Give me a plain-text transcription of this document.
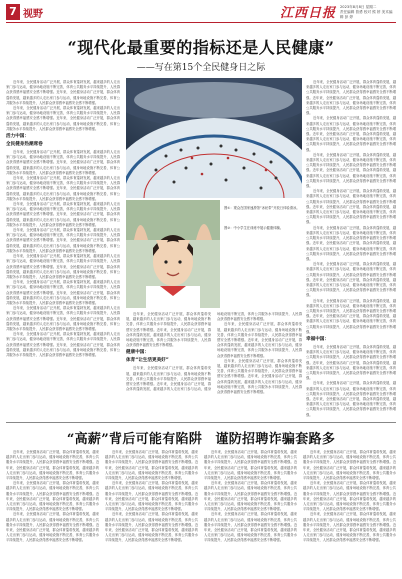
7 视野	江西日报 2023年8月8日 星期二
责任编辑 曾勇 校对 熊 婷 美术编辑 彭 婷
“现代化最重要的指标还是人民健康”
——写在第15个全民健身日之际

近年来，全民健身活动广泛开展，群众体育蓬勃发展，越来越多的人走出家门参与运动，健身场地设施不断完善，体育公共服务水平持续提升，人民群众获得感幸福感安全感不断增强。近年来，全民健身活动广泛开展，群众体育蓬勃发展，越来越多的人走出家门参与运动，健身场地设施不断完善，体育公共服务水平持续提升，人民群众获得感幸福感安全感不断增强。

近年来，全民健身活动广泛开展，群众体育蓬勃发展，越来越多的人走出家门参与运动，健身场地设施不断完善，体育公共服务水平持续提升，人民群众获得感幸福感安全感不断增强。近年来，全民健身活动广泛开展，群众体育蓬勃发展，越来越多的人走出家门参与运动，健身场地设施不断完善，体育公共服务水平持续提升，人民群众获得感幸福感安全感不断增强。

活力中国：

全民健身热潮席卷

近年来，全民健身活动广泛开展，群众体育蓬勃发展，越来越多的人走出家门参与运动，健身场地设施不断完善，体育公共服务水平持续提升，人民群众获得感幸福感安全感不断增强。近年来，全民健身活动广泛开展，群众体育蓬勃发展，越来越多的人走出家门参与运动，健身场地设施不断完善，体育公共服务水平持续提升，人民群众获得感幸福感安全感不断增强。

近年来，全民健身活动广泛开展，群众体育蓬勃发展，越来越多的人走出家门参与运动，健身场地设施不断完善，体育公共服务水平持续提升，人民群众获得感幸福感安全感不断增强。近年来，全民健身活动广泛开展，群众体育蓬勃发展，越来越多的人走出家门参与运动，健身场地设施不断完善，体育公共服务水平持续提升，人民群众获得感幸福感安全感不断增强。

近年来，全民健身活动广泛开展，群众体育蓬勃发展，越来越多的人走出家门参与运动，健身场地设施不断完善，体育公共服务水平持续提升，人民群众获得感幸福感安全感不断增强。近年来，全民健身活动广泛开展，群众体育蓬勃发展，越来越多的人走出家门参与运动，健身场地设施不断完善，体育公共服务水平持续提升，人民群众获得感幸福感安全感不断增强。

近年来，全民健身活动广泛开展，群众体育蓬勃发展，越来越多的人走出家门参与运动，健身场地设施不断完善，体育公共服务水平持续提升，人民群众获得感幸福感安全感不断增强。近年来，全民健身活动广泛开展，群众体育蓬勃发展，越来越多的人走出家门参与运动，健身场地设施不断完善，体育公共服务水平持续提升，人民群众获得感幸福感安全感不断增强。

近年来，全民健身活动广泛开展，群众体育蓬勃发展，越来越多的人走出家门参与运动，健身场地设施不断完善，体育公共服务水平持续提升，人民群众获得感幸福感安全感不断增强。近年来，全民健身活动广泛开展，群众体育蓬勃发展，越来越多的人走出家门参与运动，健身场地设施不断完善，体育公共服务水平持续提升，人民群众获得感幸福感安全感不断增强。

近年来，全民健身活动广泛开展，群众体育蓬勃发展，越来越多的人走出家门参与运动，健身场地设施不断完善，体育公共服务水平持续提升，人民群众获得感幸福感安全感不断增强。近年来，全民健身活动广泛开展，群众体育蓬勃发展，越来越多的人走出家门参与运动，健身场地设施不断完善，体育公共服务水平持续提升，人民群众获得感幸福感安全感不断增强。

近年来，全民健身活动广泛开展，群众体育蓬勃发展，越来越多的人走出家门参与运动，健身场地设施不断完善，体育公共服务水平持续提升，人民群众获得感幸福感安全感不断增强。近年来，全民健身活动广泛开展，群众体育蓬勃发展，越来越多的人走出家门参与运动，健身场地设施不断完善，体育公共服务水平持续提升，人民群众获得感幸福感安全感不断增强。

近年来，全民健身活动广泛开展，群众体育蓬勃发展，越来越多的人走出家门参与运动，健身场地设施不断完善，体育公共服务水平持续提升，人民群众获得感幸福感安全感不断增强。近年来，全民健身活动广泛开展，群众体育蓬勃发展，越来越多的人走出家门参与运动，健身场地设施不断完善，体育公共服务水平持续提升，人民群众获得感幸福感安全感不断增强。

近年来，全民健身活动广泛开展，群众体育蓬勃发展，越来越多的人走出家门参与运动，健身场地设施不断完善，体育公共服务水平持续提升，人民群众获得感幸福感安全感不断增强。近年来，全民健身活动广泛开展，群众体育蓬勃发展，越来越多的人走出家门参与运动，健身场地设施不断完善，体育公共服务水平持续提升，人民群众获得感幸福感安全感不断增强。

近年来，全民健身活动广泛开展，群众体育蓬勃发展，越来越多的人走出家门参与运动，健身场地设施不断完善，体育公共服务水平持续提升，人民群众获得感幸福感安全感不断增强。近年来，全民健身活动广泛开展，群众体育蓬勃发展，越来越多的人走出家门参与运动，健身场地设施不断完善，体育公共服务水平持续提升，人民群众获得感幸福感安全感不断增强。

近年来，全民健身活动广泛开展，群众体育蓬勃发展，越来越多的人走出家门参与运动，健身场地设施不断完善，体育公共服务水平持续提升，人民群众获得感幸福感安全感不断增强。近年来，全民健身活动广泛开展，群众体育蓬勃发展，越来越多的人走出家门参与运动，健身场地设施不断完善，体育公共服务水平持续提升，人民群众获得感幸福感安全感不断增强。

近年来，全民健身活动广泛开展，群众体育蓬勃发展，越来越多的人走出家门参与运动，健身场地设施不断完善，体育公共服务水平持续提升，人民群众获得感幸福感安全感不断增强。近年来，全民健身活动广泛开展，群众体育蓬勃发展，越来越多的人走出家门参与运动，健身场地设施不断完善，体育公共服务水平持续提升，人民群众获得感幸福感安全感不断增强。

近年来，全民健身活动广泛开展，群众体育蓬勃发展，越来越多的人走出家门参与运动，健身场地设施不断完善，体育公共服务水平持续提升，人民群众获得感幸福感安全感不断增强。近年来，全民健身活动广泛开展，群众体育蓬勃发展，越来越多的人走出家门参与运动，健身场地设施不断完善，体育公共服务水平持续提升，人民群众获得感幸福感安全感不断增强。

近年来，全民健身活动广泛开展，群众体育蓬勃发展，越来越多的人走出家门参与运动，健身场地设施不断完善，体育公共服务水平持续提升，人民群众获得感幸福感安全感不断增强。近年来，全民健身活动广泛开展，群众体育蓬勃发展，越来越多的人走出家门参与运动，健身场地设施不断完善，体育公共服务水平持续提升，人民群众获得感幸福感安全感不断增强。

近年来，全民健身活动广泛开展，群众体育蓬勃发展，越来越多的人走出家门参与运动，健身场地设施不断完善，体育公共服务水平持续提升，人民群众获得感幸福感安全感不断增强。近年来，全民健身活动广泛开展，群众体育蓬勃发展，越来越多的人走出家门参与运动，健身场地设施不断完善，体育公共服务水平持续提升，人民群众获得感幸福感安全感不断增强。

幸福中国：

近年来，全民健身活动广泛开展，群众体育蓬勃发展，越来越多的人走出家门参与运动，健身场地设施不断完善，体育公共服务水平持续提升，人民群众获得感幸福感安全感不断增强。近年来，全民健身活动广泛开展，群众体育蓬勃发展，越来越多的人走出家门参与运动，健身场地设施不断完善，体育公共服务水平持续提升，人民群众获得感幸福感安全感不断增强。

近年来，全民健身活动广泛开展，群众体育蓬勃发展，越来越多的人走出家门参与运动，健身场地设施不断完善，体育公共服务水平持续提升，人民群众获得感幸福感安全感不断增强。近年来，全民健身活动广泛开展，群众体育蓬勃发展，越来越多的人走出家门参与运动，健身场地设施不断完善，体育公共服务水平持续提升，人民群众获得感幸福感安全感不断增强。

图①：观众在国家速滑馆“冰丝带”开放日体验滑冰。
图②：中小学生在训练中展示健康体魄。

近年来，全民健身活动广泛开展，群众体育蓬勃发展，越来越多的人走出家门参与运动，健身场地设施不断完善，体育公共服务水平持续提升，人民群众获得感幸福感安全感不断增强。近年来，全民健身活动广泛开展，群众体育蓬勃发展，越来越多的人走出家门参与运动，健身场地设施不断完善，体育公共服务水平持续提升，人民群众获得感幸福感安全感不断增强。

健康中国：

体育“让生活更美好”

近年来，全民健身活动广泛开展，群众体育蓬勃发展，越来越多的人走出家门参与运动，健身场地设施不断完善，体育公共服务水平持续提升，人民群众获得感幸福感安全感不断增强。近年来，全民健身活动广泛开展，群众体育蓬勃发展，越来越多的人走出家门参与运动，健身场地设施不断完善，体育公共服务水平持续提升，人民群众获得感幸福感安全感不断增强。

近年来，全民健身活动广泛开展，群众体育蓬勃发展，越来越多的人走出家门参与运动，健身场地设施不断完善，体育公共服务水平持续提升，人民群众获得感幸福感安全感不断增强。近年来，全民健身活动广泛开展，群众体育蓬勃发展，越来越多的人走出家门参与运动，健身场地设施不断完善，体育公共服务水平持续提升，人民群众获得感幸福感安全感不断增强。

近年来，全民健身活动广泛开展，群众体育蓬勃发展，越来越多的人走出家门参与运动，健身场地设施不断完善，体育公共服务水平持续提升，人民群众获得感幸福感安全感不断增强。近年来，全民健身活动广泛开展，群众体育蓬勃发展，越来越多的人走出家门参与运动，健身场地设施不断完善，体育公共服务水平持续提升，人民群众获得感幸福感安全感不断增强。

“高薪”背后可能有陷阱　谨防招聘诈骗套路多

近年来，全民健身活动广泛开展，群众体育蓬勃发展，越来越多的人走出家门参与运动，健身场地设施不断完善，体育公共服务水平持续提升，人民群众获得感幸福感安全感不断增强。近年来，全民健身活动广泛开展，群众体育蓬勃发展，越来越多的人走出家门参与运动，健身场地设施不断完善，体育公共服务水平持续提升，人民群众获得感幸福感安全感不断增强。

近年来，全民健身活动广泛开展，群众体育蓬勃发展，越来越多的人走出家门参与运动，健身场地设施不断完善，体育公共服务水平持续提升，人民群众获得感幸福感安全感不断增强。近年来，全民健身活动广泛开展，群众体育蓬勃发展，越来越多的人走出家门参与运动，健身场地设施不断完善，体育公共服务水平持续提升，人民群众获得感幸福感安全感不断增强。

近年来，全民健身活动广泛开展，群众体育蓬勃发展，越来越多的人走出家门参与运动，健身场地设施不断完善，体育公共服务水平持续提升，人民群众获得感幸福感安全感不断增强。近年来，全民健身活动广泛开展，群众体育蓬勃发展，越来越多的人走出家门参与运动，健身场地设施不断完善，体育公共服务水平持续提升，人民群众获得感幸福感安全感不断增强。

近年来，全民健身活动广泛开展，群众体育蓬勃发展，越来越多的人走出家门参与运动，健身场地设施不断完善，体育公共服务水平持续提升，人民群众获得感幸福感安全感不断增强。近年来，全民健身活动广泛开展，群众体育蓬勃发展，越来越多的人走出家门参与运动，健身场地设施不断完善，体育公共服务水平持续提升，人民群众获得感幸福感安全感不断增强。

近年来，全民健身活动广泛开展，群众体育蓬勃发展，越来越多的人走出家门参与运动，健身场地设施不断完善，体育公共服务水平持续提升，人民群众获得感幸福感安全感不断增强。近年来，全民健身活动广泛开展，群众体育蓬勃发展，越来越多的人走出家门参与运动，健身场地设施不断完善，体育公共服务水平持续提升，人民群众获得感幸福感安全感不断增强。

近年来，全民健身活动广泛开展，群众体育蓬勃发展，越来越多的人走出家门参与运动，健身场地设施不断完善，体育公共服务水平持续提升，人民群众获得感幸福感安全感不断增强。近年来，全民健身活动广泛开展，群众体育蓬勃发展，越来越多的人走出家门参与运动，健身场地设施不断完善，体育公共服务水平持续提升，人民群众获得感幸福感安全感不断增强。

近年来，全民健身活动广泛开展，群众体育蓬勃发展，越来越多的人走出家门参与运动，健身场地设施不断完善，体育公共服务水平持续提升，人民群众获得感幸福感安全感不断增强。近年来，全民健身活动广泛开展，群众体育蓬勃发展，越来越多的人走出家门参与运动，健身场地设施不断完善，体育公共服务水平持续提升，人民群众获得感幸福感安全感不断增强。

近年来，全民健身活动广泛开展，群众体育蓬勃发展，越来越多的人走出家门参与运动，健身场地设施不断完善，体育公共服务水平持续提升，人民群众获得感幸福感安全感不断增强。近年来，全民健身活动广泛开展，群众体育蓬勃发展，越来越多的人走出家门参与运动，健身场地设施不断完善，体育公共服务水平持续提升，人民群众获得感幸福感安全感不断增强。

近年来，全民健身活动广泛开展，群众体育蓬勃发展，越来越多的人走出家门参与运动，健身场地设施不断完善，体育公共服务水平持续提升，人民群众获得感幸福感安全感不断增强。近年来，全民健身活动广泛开展，群众体育蓬勃发展，越来越多的人走出家门参与运动，健身场地设施不断完善，体育公共服务水平持续提升，人民群众获得感幸福感安全感不断增强。

近年来，全民健身活动广泛开展，群众体育蓬勃发展，越来越多的人走出家门参与运动，健身场地设施不断完善，体育公共服务水平持续提升，人民群众获得感幸福感安全感不断增强。近年来，全民健身活动广泛开展，群众体育蓬勃发展，越来越多的人走出家门参与运动，健身场地设施不断完善，体育公共服务水平持续提升，人民群众获得感幸福感安全感不断增强。

近年来，全民健身活动广泛开展，群众体育蓬勃发展，越来越多的人走出家门参与运动，健身场地设施不断完善，体育公共服务水平持续提升，人民群众获得感幸福感安全感不断增强。近年来，全民健身活动广泛开展，群众体育蓬勃发展，越来越多的人走出家门参与运动，健身场地设施不断完善，体育公共服务水平持续提升，人民群众获得感幸福感安全感不断增强。

近年来，全民健身活动广泛开展，群众体育蓬勃发展，越来越多的人走出家门参与运动，健身场地设施不断完善，体育公共服务水平持续提升，人民群众获得感幸福感安全感不断增强。近年来，全民健身活动广泛开展，群众体育蓬勃发展，越来越多的人走出家门参与运动，健身场地设施不断完善，体育公共服务水平持续提升，人民群众获得感幸福感安全感不断增强。
